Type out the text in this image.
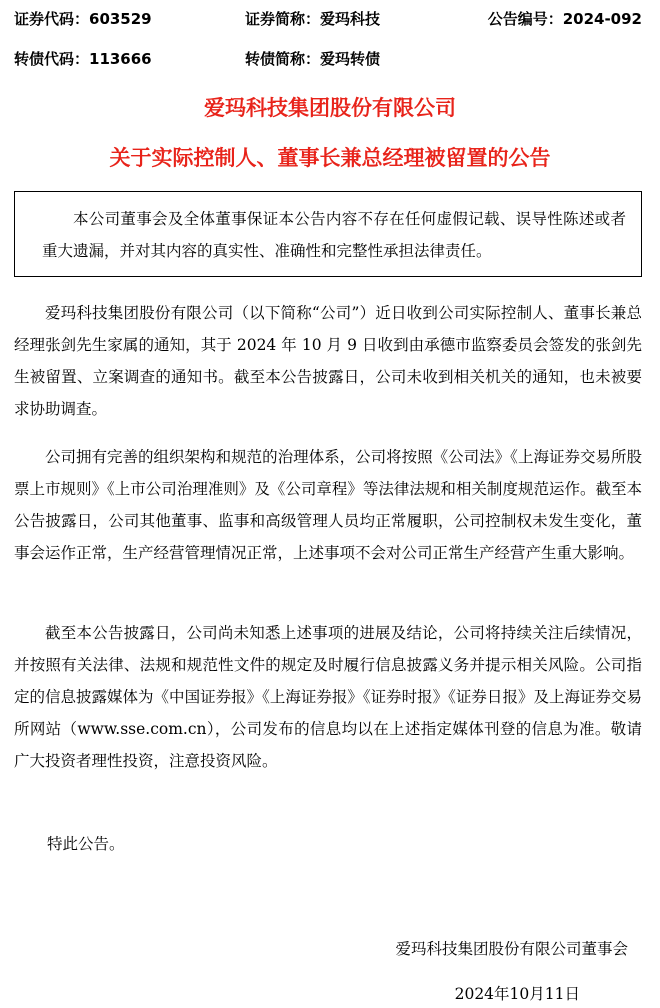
证券代码：603529	证券简称：爱玛科技	公告编号：2024-092
转债代码：113666	转债简称：爱玛转债
爱玛科技集团股份有限公司
关于实际控制人、董事长兼总经理被留置的公告
本公司董事会及全体董事保证本公告内容不存在任何虚假记载、误导性陈述或者重大遗漏，并对其内容的真实性、准确性和完整性承担法律责任。

爱玛科技集团股份有限公司（以下简称“公司”）近日收到公司实际控制人、董事长兼总经理张剑先生家属的通知，其于 2024 年 10 月 9 日收到由承德市监察委员会签发的张剑先生被留置、立案调查的通知书。截至本公告披露日，公司未收到相关机关的通知，也未被要求协助调查。

公司拥有完善的组织架构和规范的治理体系，公司将按照《公司法》《上海证券交易所股票上市规则》《上市公司治理准则》及《公司章程》等法律法规和相关制度规范运作。截至本公告披露日，公司其他董事、监事和高级管理人员均正常履职，公司控制权未发生变化，董事会运作正常，生产经营管理情况正常，上述事项不会对公司正常生产经营产生重大影响。

截至本公告披露日，公司尚未知悉上述事项的进展及结论，公司将持续关注后续情况，并按照有关法律、法规和规范性文件的规定及时履行信息披露义务并提示相关风险。公司指定的信息披露媒体为《中国证券报》《上海证券报》《证券时报》《证券日报》及上海证券交易所网站（www.sse.com.cn），公司发布的信息均以在上述指定媒体刊登的信息为准。敬请广大投资者理性投资，注意投资风险。

特此公告。
爱玛科技集团股份有限公司董事会
2024年10月11日
